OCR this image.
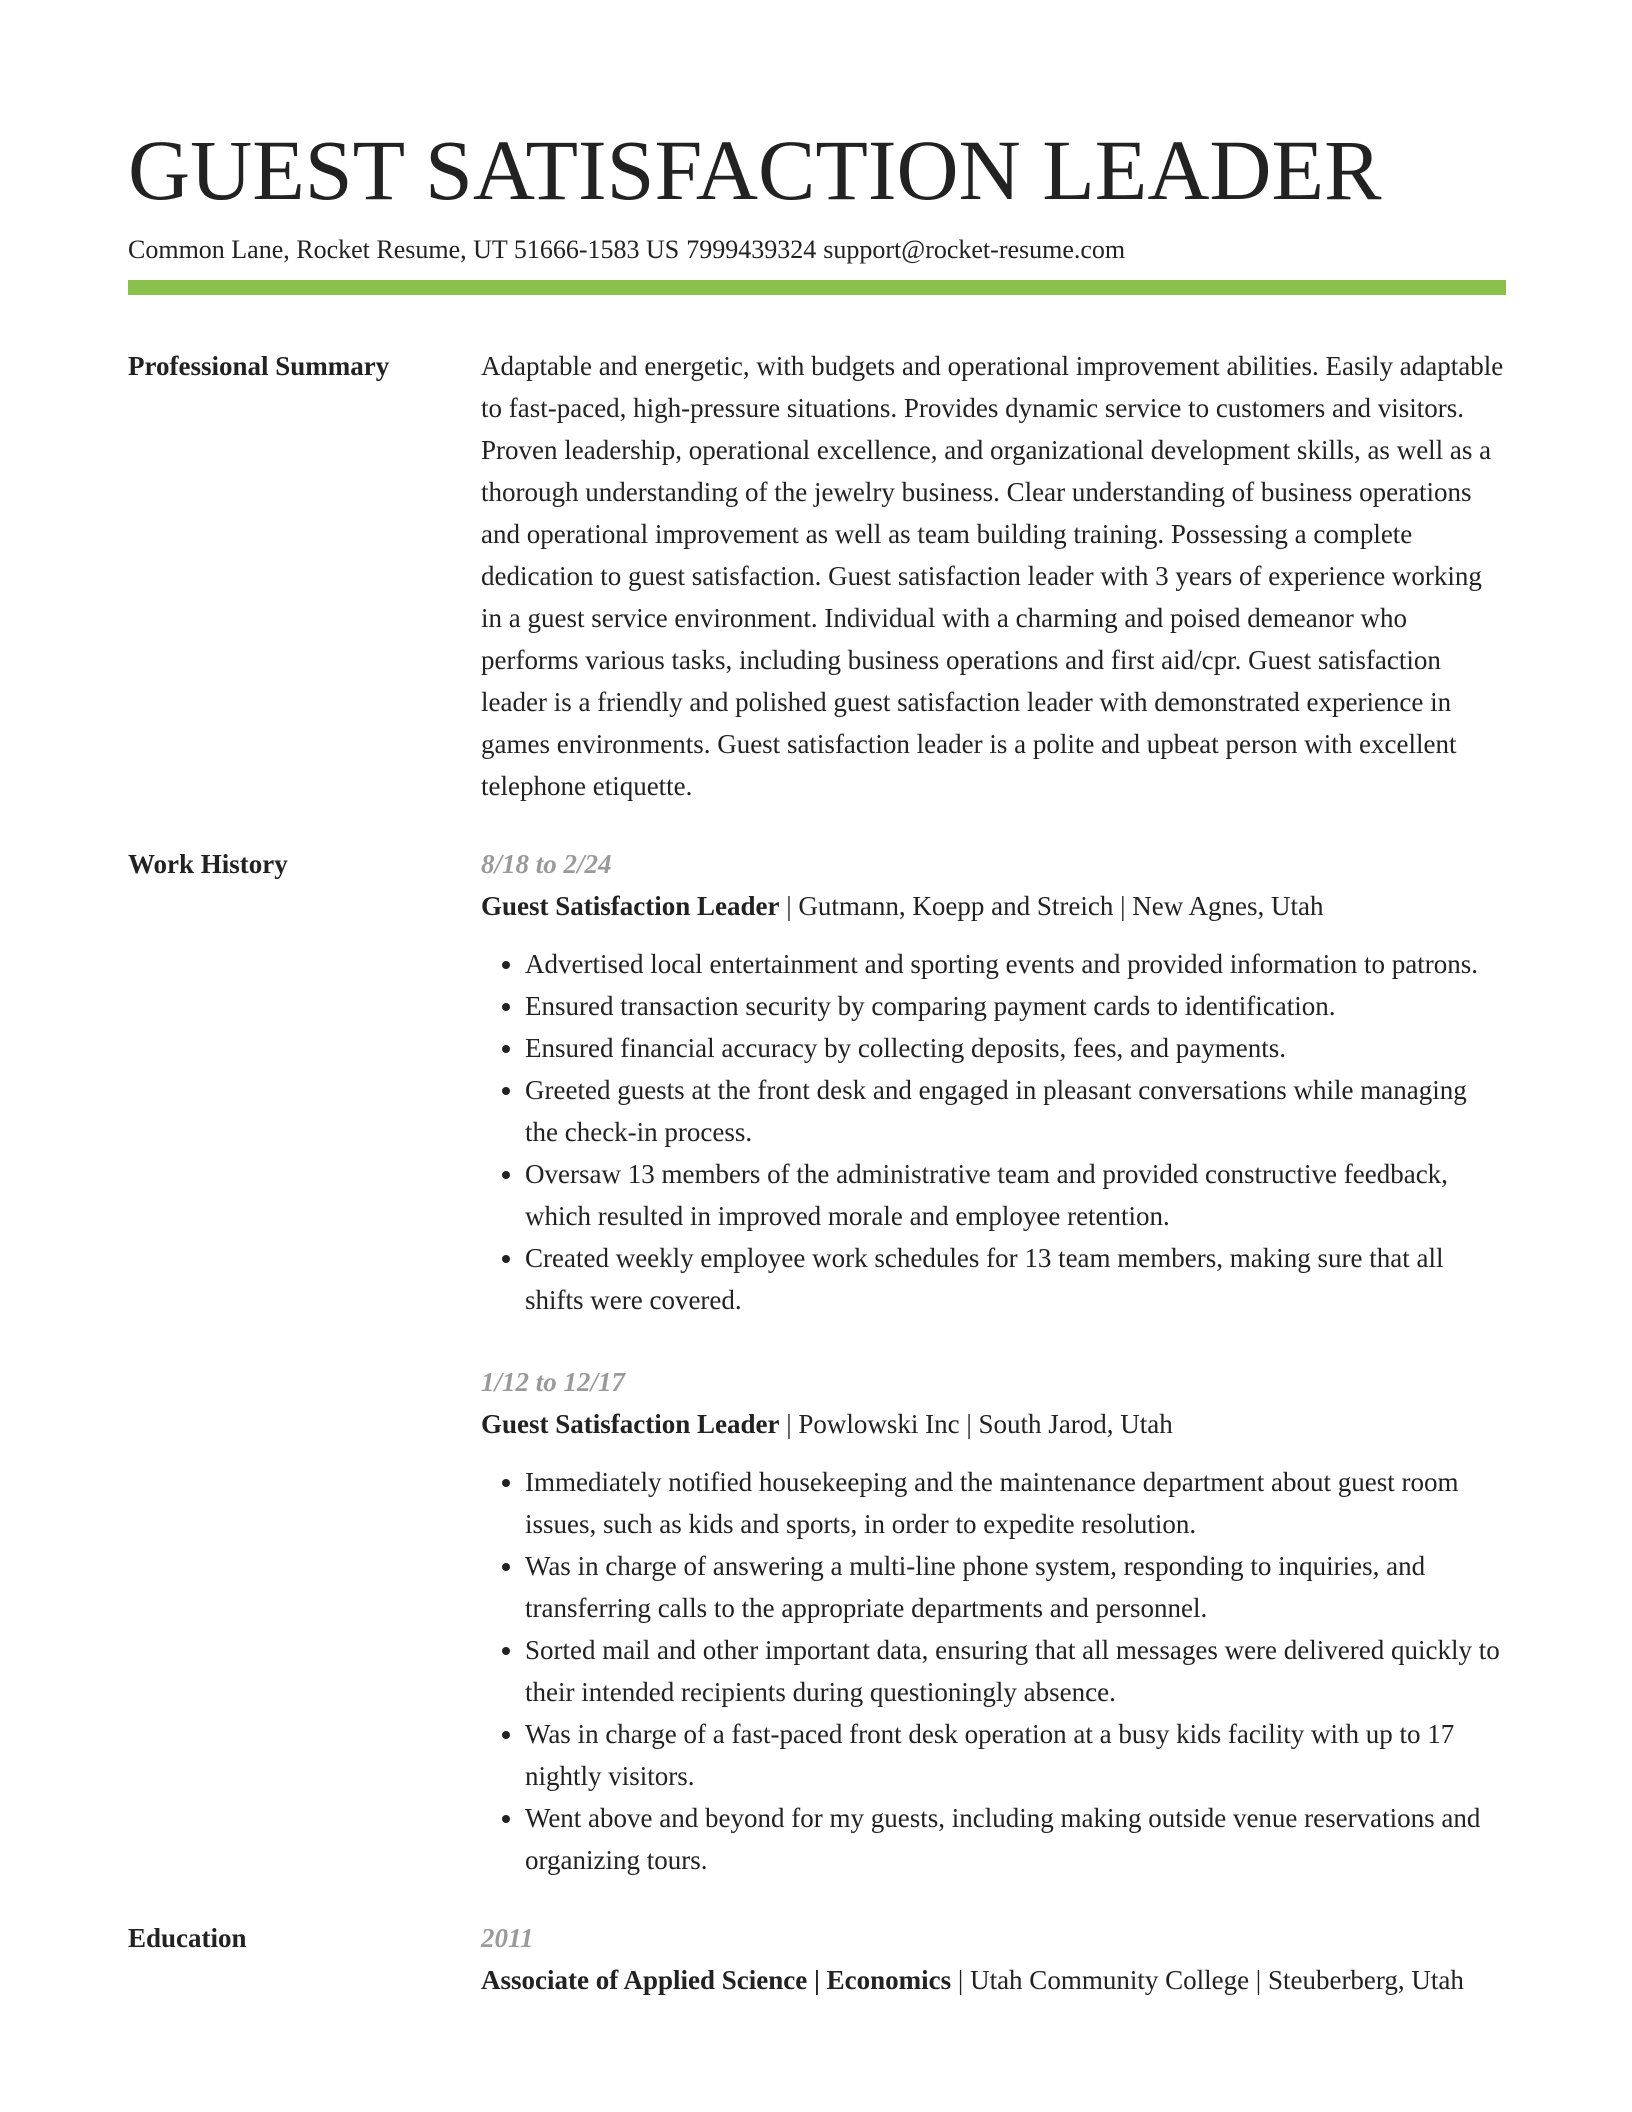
GUEST SATISFACTION LEADER
Common Lane, Rocket Resume, UT 51666-1583 US 7999439324 support@rocket-resume.com
Professional Summary	Adaptable and energetic, with budgets and operational improvement abilities. Easily adaptable to fast-paced, high-pressure situations. Provides dynamic service to customers and visitors. Proven leadership, operational excellence, and organizational development skills, as well as a thorough understanding of the jewelry business. Clear understanding of business operations and operational improvement as well as team building training. Possessing a complete dedication to guest satisfaction. Guest satisfaction leader with 3 years of experience working in a guest service environment. Individual with a charming and poised demeanor who performs various tasks, including business operations and first aid/cpr. Guest satisfaction leader is a friendly and polished guest satisfaction leader with demonstrated experience in games environments. Guest satisfaction leader is a polite and upbeat person with excellent telephone etiquette.

Work History	8/18 to 2/24
Guest Satisfaction Leader | Gutmann, Koepp and Streich | New Agnes, Utah
• Advertised local entertainment and sporting events and provided information to patrons.
• Ensured transaction security by comparing payment cards to identification.
• Ensured financial accuracy by collecting deposits, fees, and payments.
• Greeted guests at the front desk and engaged in pleasant conversations while managing the check-in process.
• Oversaw 13 members of the administrative team and provided constructive feedback, which resulted in improved morale and employee retention.
• Created weekly employee work schedules for 13 team members, making sure that all shifts were covered.
1/12 to 12/17
Guest Satisfaction Leader | Powlowski Inc | South Jarod, Utah
• Immediately notified housekeeping and the maintenance department about guest room issues, such as kids and sports, in order to expedite resolution.
• Was in charge of answering a multi-line phone system, responding to inquiries, and transferring calls to the appropriate departments and personnel.
• Sorted mail and other important data, ensuring that all messages were delivered quickly to their intended recipients during questioningly absence.
• Was in charge of a fast-paced front desk operation at a busy kids facility with up to 17 nightly visitors.
• Went above and beyond for my guests, including making outside venue reservations and organizing tours.
Education	2011
Associate of Applied Science | Economics | Utah Community College | Steuberberg, Utah
